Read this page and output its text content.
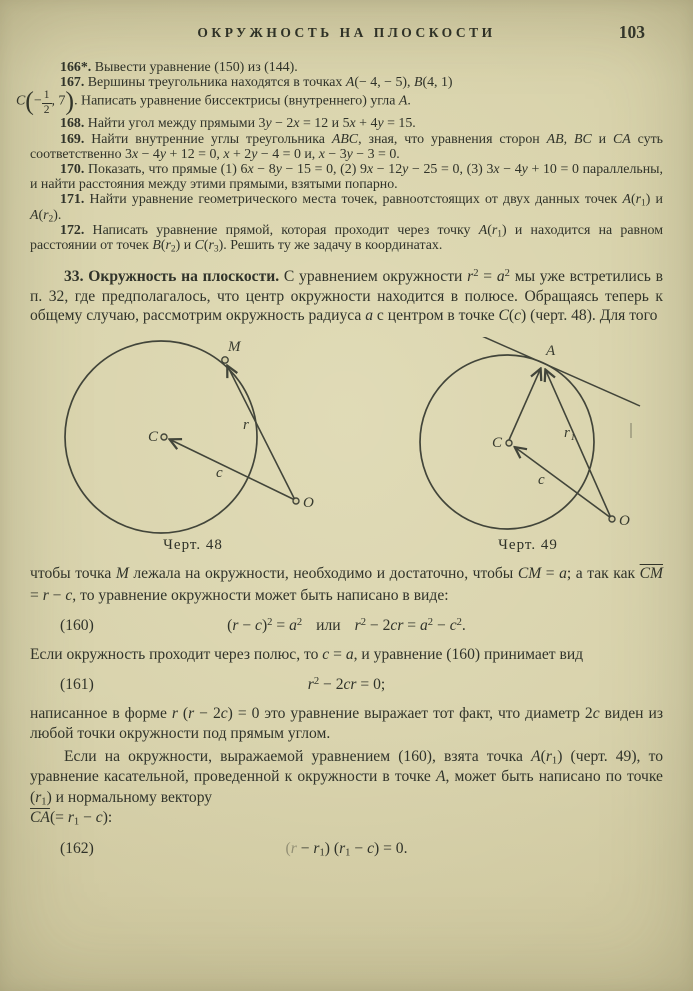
ОКРУЖНОСТЬ НА ПЛОСКОСТИ	103
166*. Вывести уравнение (150) из (144).
167. Вершины треугольника находятся в точках A(− 4, − 5), B(4, 1)
$C(- \frac{1}{2}$ , 7). Написать уравнение биссектрисы (внутреннего) угла A.
168. Найти угол между прямыми 3y − 2x = 12 и 5x + 4y = 15.
169. Найти внутренние углы треугольника ABC, зная, что уравнения сторон AB, BC и CA суть соответственно 3x − 4y + 12 = 0, x + 2y − 4 = 0 и, x − 3y − 3 = 0.
170. Показать, что прямые (1) 6x − 8y − 15 = 0, (2) 9x − 12y − 25 = 0, (3) 3x − 4y + 10 = 0 параллельны, и найти расстояния между этими прямыми, взятыми попарно.
171. Найти уравнение геометрического места точек, равноотстоящих от двух данных точек $A(r_1)$ и $A(r_2)$.
172. Написать уравнение прямой, которая проходит через точку $A(r_1)$ и находится на равном расстоянии от точек $B(r_2)$ и $C(r_3)$. Решить ту же задачу в координатах.

33. Окружность на плоскости. С уравнением окружности $r^2 = a^2$ мы уже встретились в п. 32, где предполагалось, что центр окружности находится в полюсе. Обращаясь теперь к общему случаю, рассмотрим окружность радиуса a с центром в точке C(c) (черт. 48). Для того

M
C
O
r
c
A
C
O
r₁
c
Черт. 48	Черт. 49

чтобы точка M лежала на окружности, необходимо и достаточно, чтобы CM = a; а так как $\overline{CM} = r - c$, то уравнение окружности может быть написано в виде:

(160)	$(r - c)^2 = a^2$ или $r^2 - 2cr = a^2 - c^2$.

Если окружность проходит через полюс, то c = a, и уравнение (160) принимает вид

(161)	$r^2 - 2cr = 0$;

написанное в форме r (r − 2c) = 0 это уравнение выражает тот факт, что диаметр 2c виден из любой точки окружности под прямым углом.

Если на окружности, выражаемой уравнением (160), взята точка $A(r_1)$ (черт. 49), то уравнение касательной, проведенной к окружности в точке A, может быть написано по точке $(r_1)$ и нормальному вектору

$\overline{CA}(= r_1 - c)$:

(162)	$(r - r_1)$ $(r_1 - c) = 0$.
